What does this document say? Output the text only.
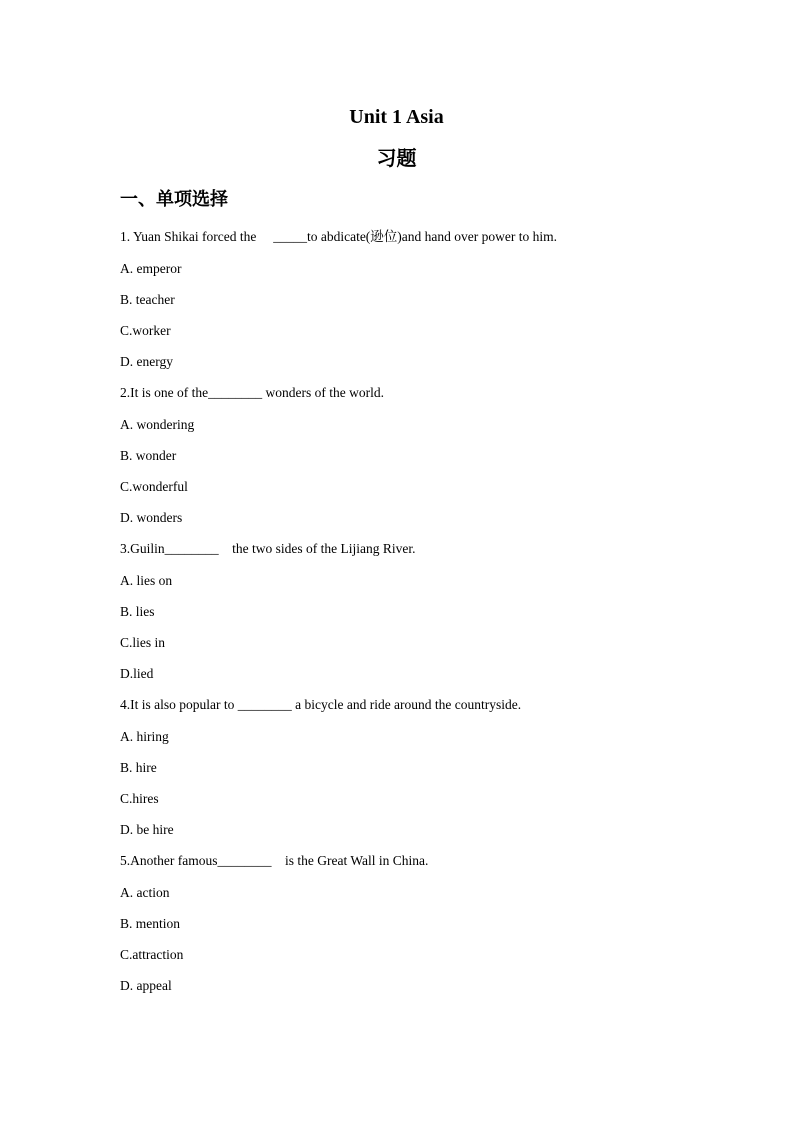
Unit 1 Asia
习题
一、单项选择
1. Yuan Shikai forced the     _____to abdicate(逊位)and hand over power to him.
A. emperor
B. teacher
C.worker
D. energy
2.It is one of the________ wonders of the world.
A. wondering
B. wonder
C.wonderful
D. wonders
3.Guilin________    the two sides of the Lijiang River.
A. lies on
B. lies
C.lies in
D.lied
4.It is also popular to ________ a bicycle and ride around the countryside.
A. hiring
B. hire
C.hires
D. be hire
5.Another famous________    is the Great Wall in China.
A. action
B. mention
C.attraction
D. appeal
